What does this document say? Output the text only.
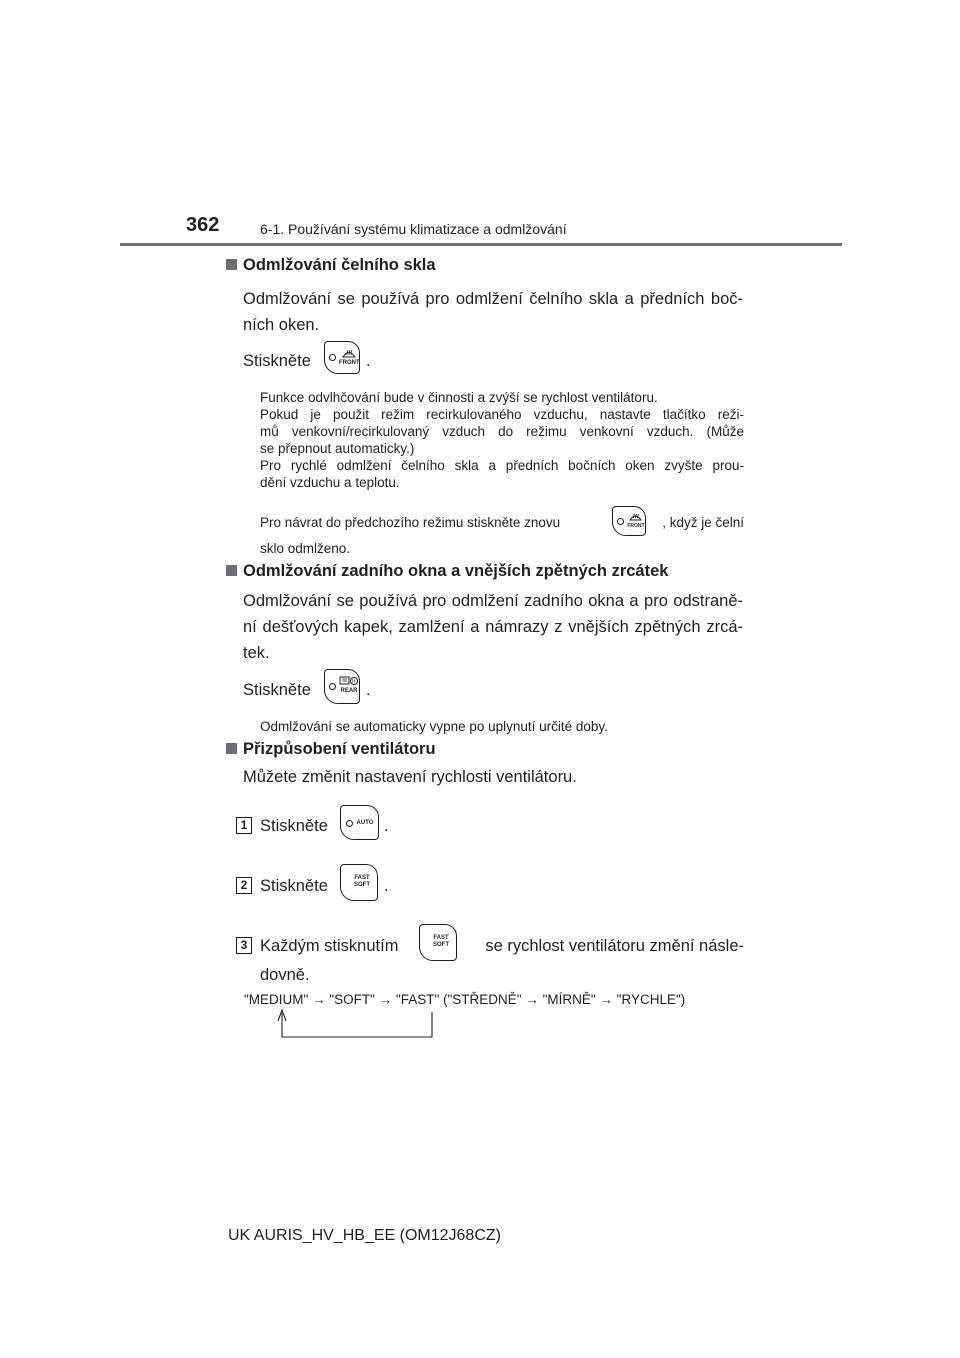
362	6-1. Používání systému klimatizace a odmlžování
Odmlžování čelního skla
Odmlžování se používá pro odmlžení čelního skla a předních boč-
ních oken.
Stiskněte	FRONT .
Funkce odvlhčování bude v činnosti a zvýší se rychlost ventilátoru.
Pokud je použit režim recirkulovaného vzduchu, nastavte tlačítko reži-
mů venkovní/recirkulovaný vzduch do režimu venkovní vzduch. (Může
se přepnout automaticky.)
Pro rychlé odmlžení čelního skla a předních bočních oken zvyšte prou-
dění vzduchu a teplotu.
Pro návrat do předchozího režimu stiskněte znovu	FRONT	, když je čelní
sklo odmlženo.
Odmlžování zadního okna a vnějších zpětných zrcátek
Odmlžování se používá pro odmlžení zadního okna a pro odstraně-
ní dešťových kapek, zamlžení a námrazy z vnějších zpětných zrcá-
tek.
Stiskněte	REAR .
Odmlžování se automaticky vypne po uplynutí určité doby.
Přizpůsobení ventilátoru
Můžete změnit nastavení rychlosti ventilátoru.
1 Stiskněte	AUTO .
2 Stiskněte	FAST
SOFT .
3 Každým stisknutím	FAST
SOFT	se rychlost ventilátoru změní násle-
dovně.
"MEDIUM" → "SOFT" → "FAST" ("STŘEDNĚ" → "MÍRNĚ" → "RYCHLE")
UK AURIS_HV_HB_EE (OM12J68CZ)
